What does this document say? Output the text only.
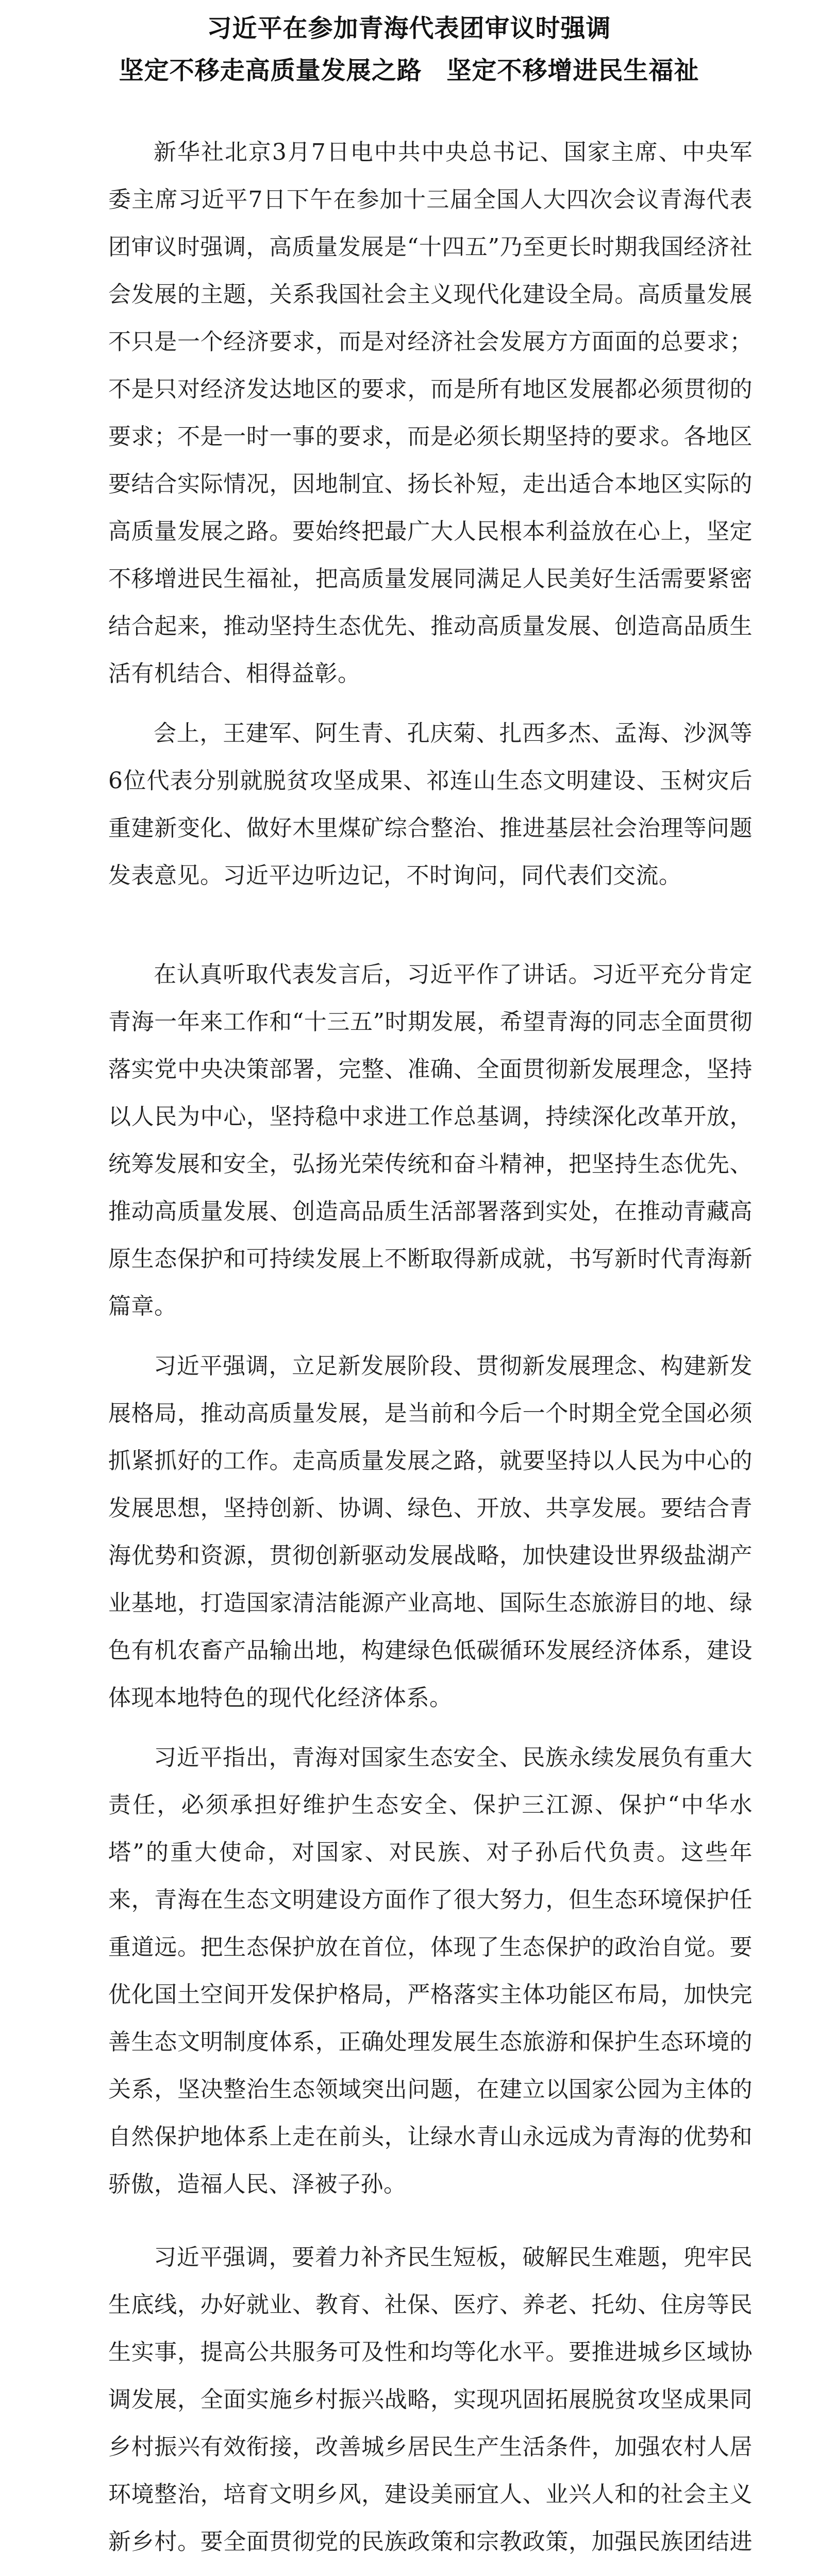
习近平在参加青海代表团审议时强调
坚定不移走高质量发展之路 坚定不移增进民生福祉

新华社北京3月7日电中共中央总书记、国家主席、中央军委主席习近平7日下午在参加十三届全国人大四次会议青海代表团审议时强调，高质量发展是“十四五”乃至更长时期我国经济社会发展的主题，关系我国社会主义现代化建设全局。高质量发展不只是一个经济要求，而是对经济社会发展方方面面的总要求；不是只对经济发达地区的要求，而是所有地区发展都必须贯彻的要求；不是一时一事的要求，而是必须长期坚持的要求。各地区要结合实际情况，因地制宜、扬长补短，走出适合本地区实际的高质量发展之路。要始终把最广大人民根本利益放在心上，坚定不移增进民生福祉，把高质量发展同满足人民美好生活需要紧密结合起来，推动坚持生态优先、推动高质量发展、创造高品质生活有机结合、相得益彰。

会上，王建军、阿生青、孔庆菊、扎西多杰、孟海、沙沨等6位代表分别就脱贫攻坚成果、祁连山生态文明建设、玉树灾后重建新变化、做好木里煤矿综合整治、推进基层社会治理等问题发表意见。习近平边听边记，不时询问，同代表们交流。

在认真听取代表发言后，习近平作了讲话。习近平充分肯定青海一年来工作和“十三五”时期发展，希望青海的同志全面贯彻落实党中央决策部署，完整、准确、全面贯彻新发展理念，坚持以人民为中心，坚持稳中求进工作总基调，持续深化改革开放，统筹发展和安全，弘扬光荣传统和奋斗精神，把坚持生态优先、推动高质量发展、创造高品质生活部署落到实处，在推动青藏高原生态保护和可持续发展上不断取得新成就，书写新时代青海新篇章。

习近平强调，立足新发展阶段、贯彻新发展理念、构建新发展格局，推动高质量发展，是当前和今后一个时期全党全国必须抓紧抓好的工作。走高质量发展之路，就要坚持以人民为中心的发展思想，坚持创新、协调、绿色、开放、共享发展。要结合青海优势和资源，贯彻创新驱动发展战略，加快建设世界级盐湖产业基地，打造国家清洁能源产业高地、国际生态旅游目的地、绿色有机农畜产品输出地，构建绿色低碳循环发展经济体系，建设体现本地特色的现代化经济体系。

习近平指出，青海对国家生态安全、民族永续发展负有重大责任，必须承担好维护生态安全、保护三江源、保护“中华水塔”的重大使命，对国家、对民族、对子孙后代负责。这些年来，青海在生态文明建设方面作了很大努力，但生态环境保护任重道远。把生态保护放在首位，体现了生态保护的政治自觉。要优化国土空间开发保护格局，严格落实主体功能区布局，加快完善生态文明制度体系，正确处理发展生态旅游和保护生态环境的关系，坚决整治生态领域突出问题，在建立以国家公园为主体的自然保护地体系上走在前头，让绿水青山永远成为青海的优势和骄傲，造福人民、泽被子孙。

习近平强调，要着力补齐民生短板，破解民生难题，兜牢民生底线，办好就业、教育、社保、医疗、养老、托幼、住房等民生实事，提高公共服务可及性和均等化水平。要推进城乡区域协调发展，全面实施乡村振兴战略，实现巩固拓展脱贫攻坚成果同乡村振兴有效衔接，改善城乡居民生产生活条件，加强农村人居环境整治，培育文明乡风，建设美丽宜人、业兴人和的社会主义新乡村。要全面贯彻党的民族政策和宗教政策，加强民族团结进
